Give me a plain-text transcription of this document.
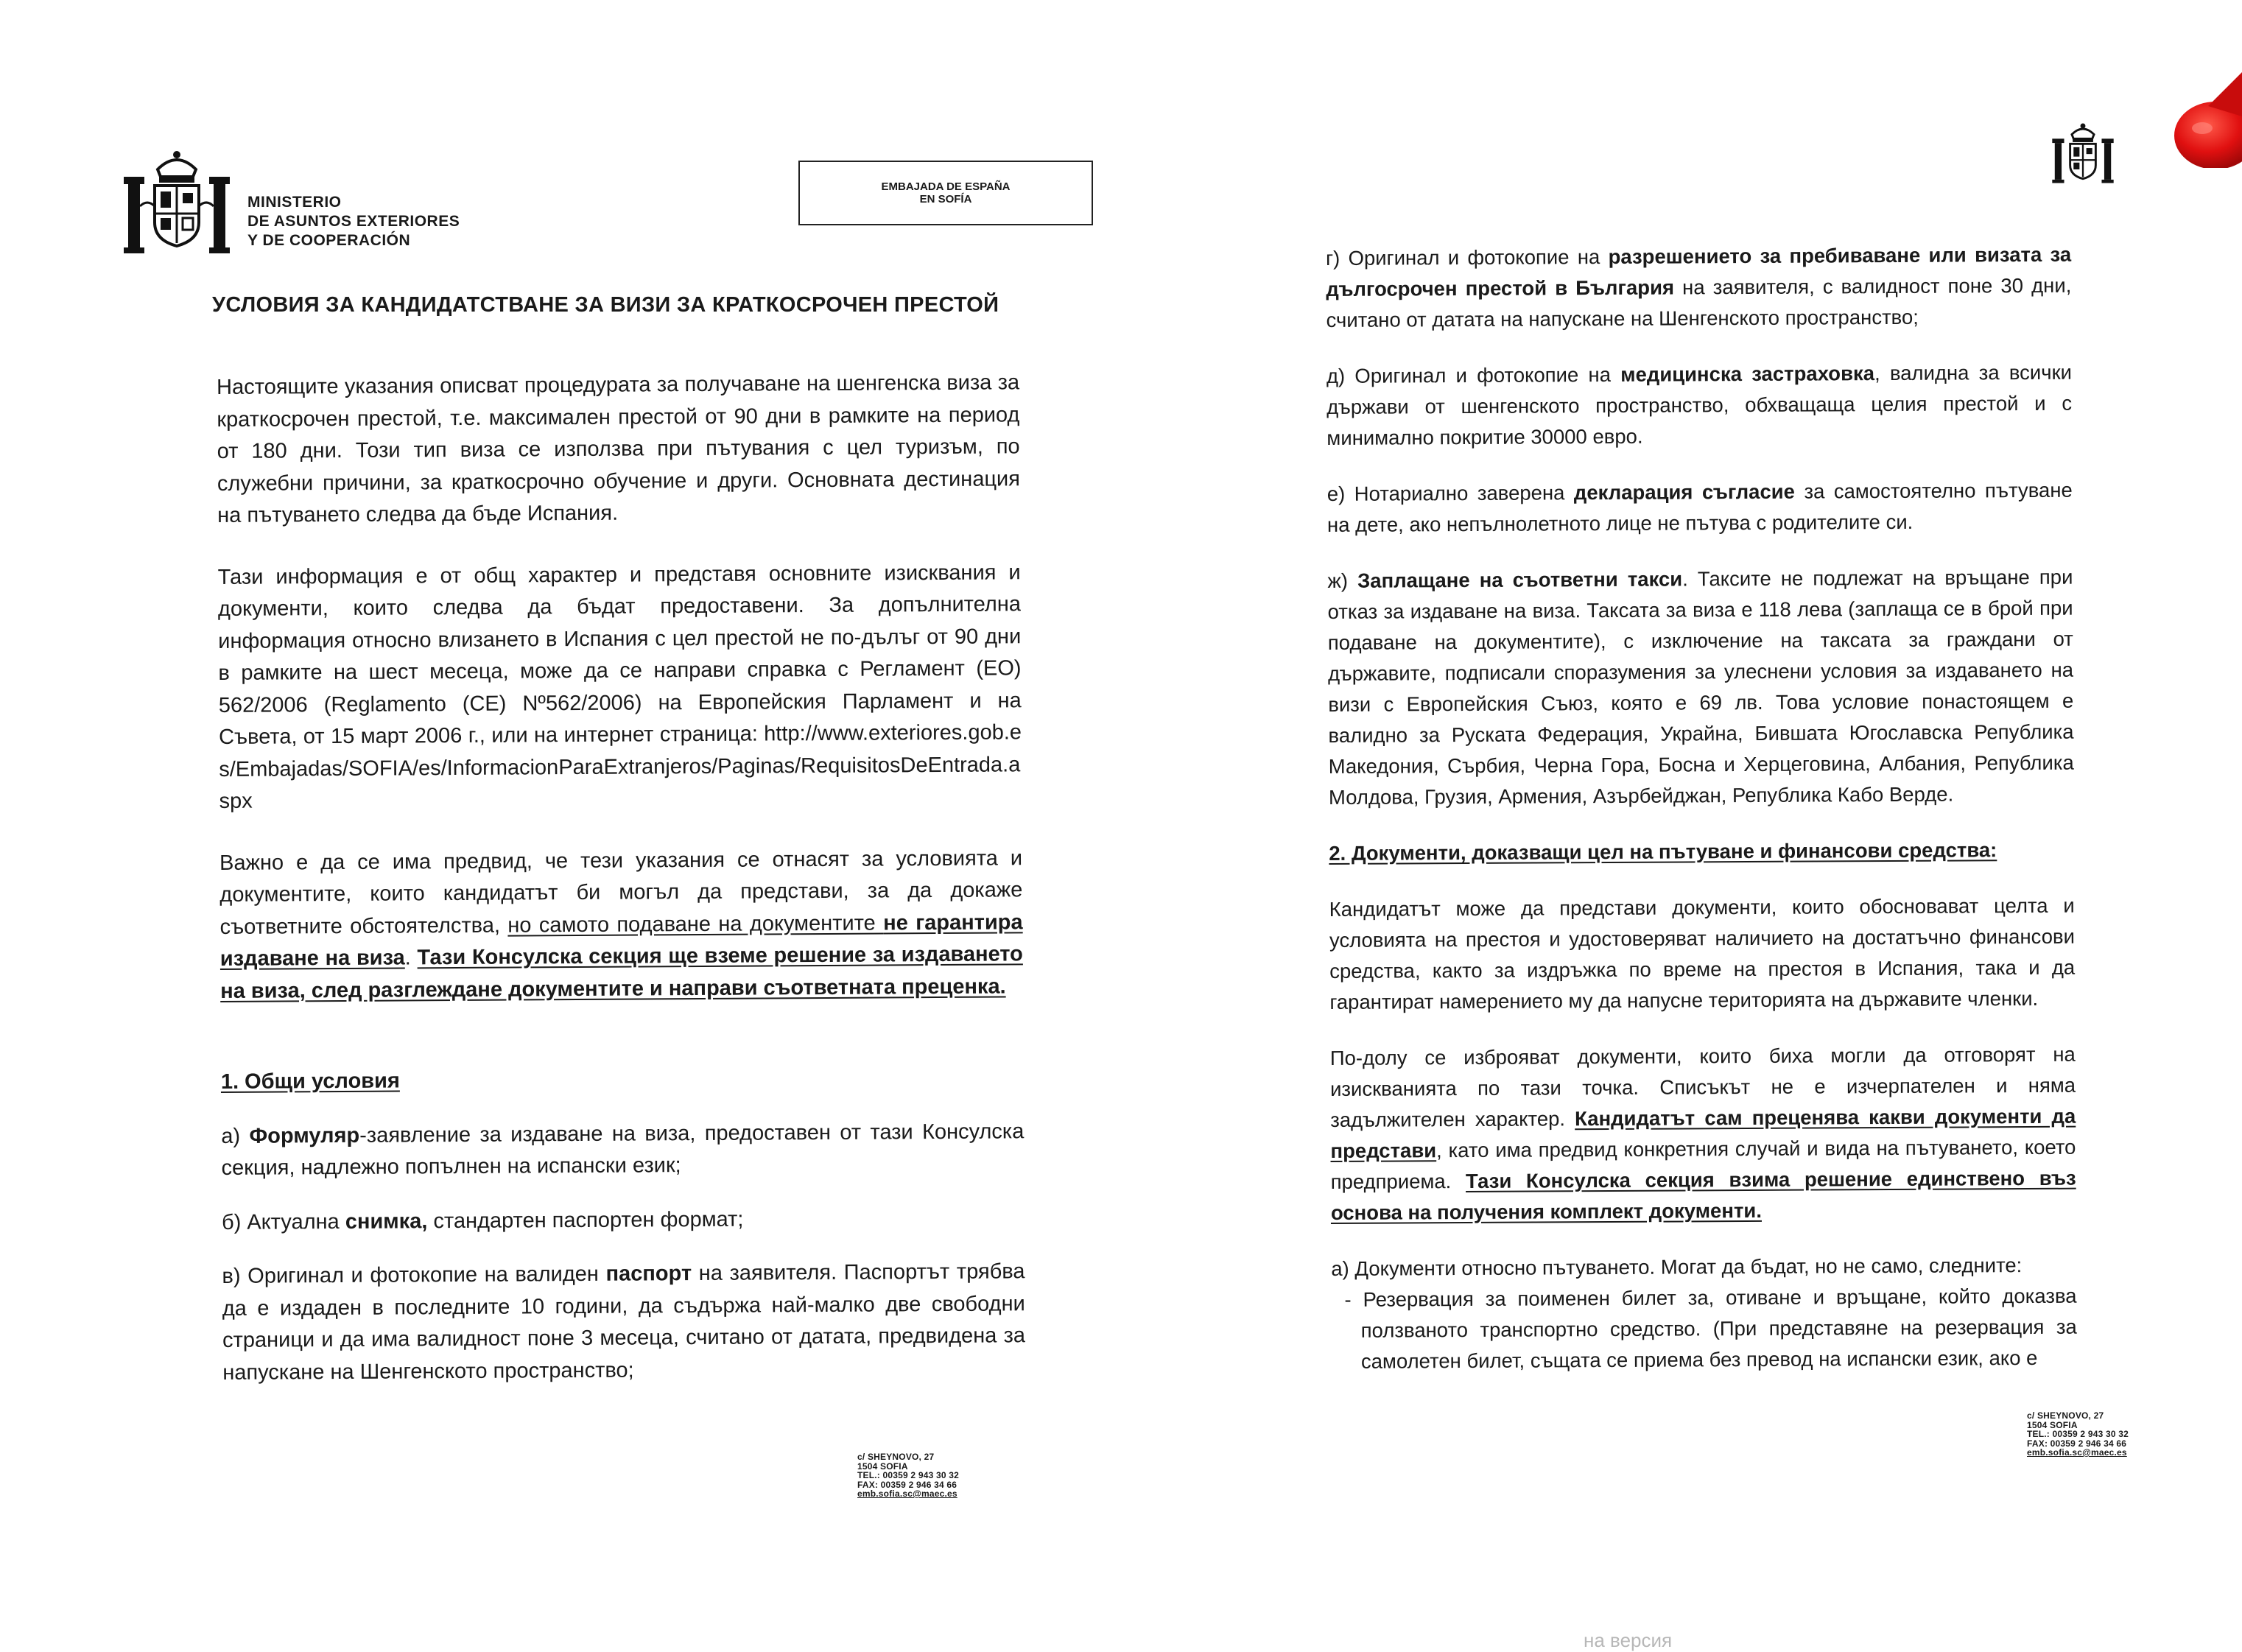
MINISTERIO
DE ASUNTOS EXTERIORES
Y DE COOPERACIÓN
EMBAJADA DE ESPAÑA
EN SOFÍA
УСЛОВИЯ ЗА КАНДИДАТСТВАНЕ ЗА ВИЗИ ЗА КРАТКОСРОЧЕН ПРЕСТОЙ

Настоящите указания описват процедурата за получаване на шенгенска виза за краткосрочен престой, т.е. максимален престой от 90 дни в рамките на период от 180 дни. Този тип виза се използва при пътувания с цел туризъм, по служебни причини, за краткосрочно обучение и други. Основната дестинация на пътуването следва да бъде Испания.

Тази информация е от общ характер и представя основните изисквания и документи, които следва да бъдат предоставени. За допълнителна информация относно влизането в Испания с цел престой не по-дълъг от 90 дни в рамките на шест месеца, може да се направи справка с Регламент (ЕО) 562/2006 (Reglamento (CE) Nº562/2006) на Европейския Парламент и на Съвета, от 15 март 2006 г., или на интернет страница: http://www.exteriores.gob.es/Embajadas/SOFIA/es/InformacionParaExtranjeros/Paginas/RequisitosDeEntrada.aspx

Важно е да се има предвид, че тези указания се отнасят за условията и документите, които кандидатът би могъл да представи, за да докаже съответните обстоятелства, но самото подаване на документите не гарантира издаване на виза. Тази Консулска секция ще вземе решение за издаването на виза, след разглеждане документите и направи съответната преценка.

1. Общи условия

а) Формуляр-заявление за издаване на виза, предоставен от тази Консулска секция, надлежно попълнен на испански език;

б) Актуална снимка, стандартен паспортен формат;

в) Оригинал и фотокопие на валиден паспорт на заявителя. Паспортът трябва да е издаден в последните 10 години, да съдържа най-малко две свободни страници и да има валидност поне 3 месеца, считано от датата, предвидена за напускане на Шенгенското пространство;

c/ SHEYNOVO, 27
1504 SOFIA
TEL.: 00359 2 943 30 32
FAX: 00359 2 946 34 66
emb.sofia.sc@maec.es

г) Оригинал и фотокопие на разрешението за пребиваване или визата за дългосрочен престой в България на заявителя, с валидност поне 30 дни, считано от датата на напускане на Шенгенското пространство;

д) Оригинал и фотокопие на медицинска застраховка, валидна за всички държави от шенгенското пространство, обхващаща целия престой и с минимално покритие 30000 евро.

е) Нотариално заверена декларация съгласие за самостоятелно пътуване на дете, ако непълнолетното лице не пътува с родителите си.

ж) Заплащане на съответни такси. Таксите не подлежат на връщане при отказ за издаване на виза. Таксата за виза е 118 лева (заплаща се в брой при подаване на документите), с изключение на таксата за граждани от държавите, подписали споразумения за улеснени условия за издаването на визи с Европейския Съюз, която е 69 лв. Това условие понастоящем е валидно за Руската Федерация, Украйна, Бившата Югославска Република Македония, Сърбия, Черна Гора, Босна и Херцеговина, Албания, Република Молдова, Грузия, Армения, Азърбейджан, Република Кабо Верде.

2. Документи, доказващи цел на пътуване и финансови средства:

Кандидатът може да представи документи, които обосновават целта и условията на престоя и удостоверяват наличието на достатъчно финансови средства, както за издръжка по време на престоя в Испания, така и да гарантират намерението му да напусне територията на държавите членки.

По-долу се изброяват документи, които биха могли да отговорят на изискванията по тази точка. Списъкът не е изчерпателен и няма задължителен характер. Кандидатът сам преценява какви документи да представи, като има предвид конкретния случай и вида на пътуването, което предприема. Тази Консулска секция взима решение единствено въз основа на получения комплект документи.

а) Документи относно пътуването. Могат да бъдат, но не само, следните:

- Резервация за поименен билет за, отиване и връщане, който доказва ползваното транспортно средство. (При представяне на резервация за самолетен билет, същата се приема без превод на испански език, ако е

c/ SHEYNOVO, 27
1504 SOFIA
TEL.: 00359 2 943 30 32
FAX: 00359 2 946 34 66
emb.sofia.sc@maec.es
на версия
